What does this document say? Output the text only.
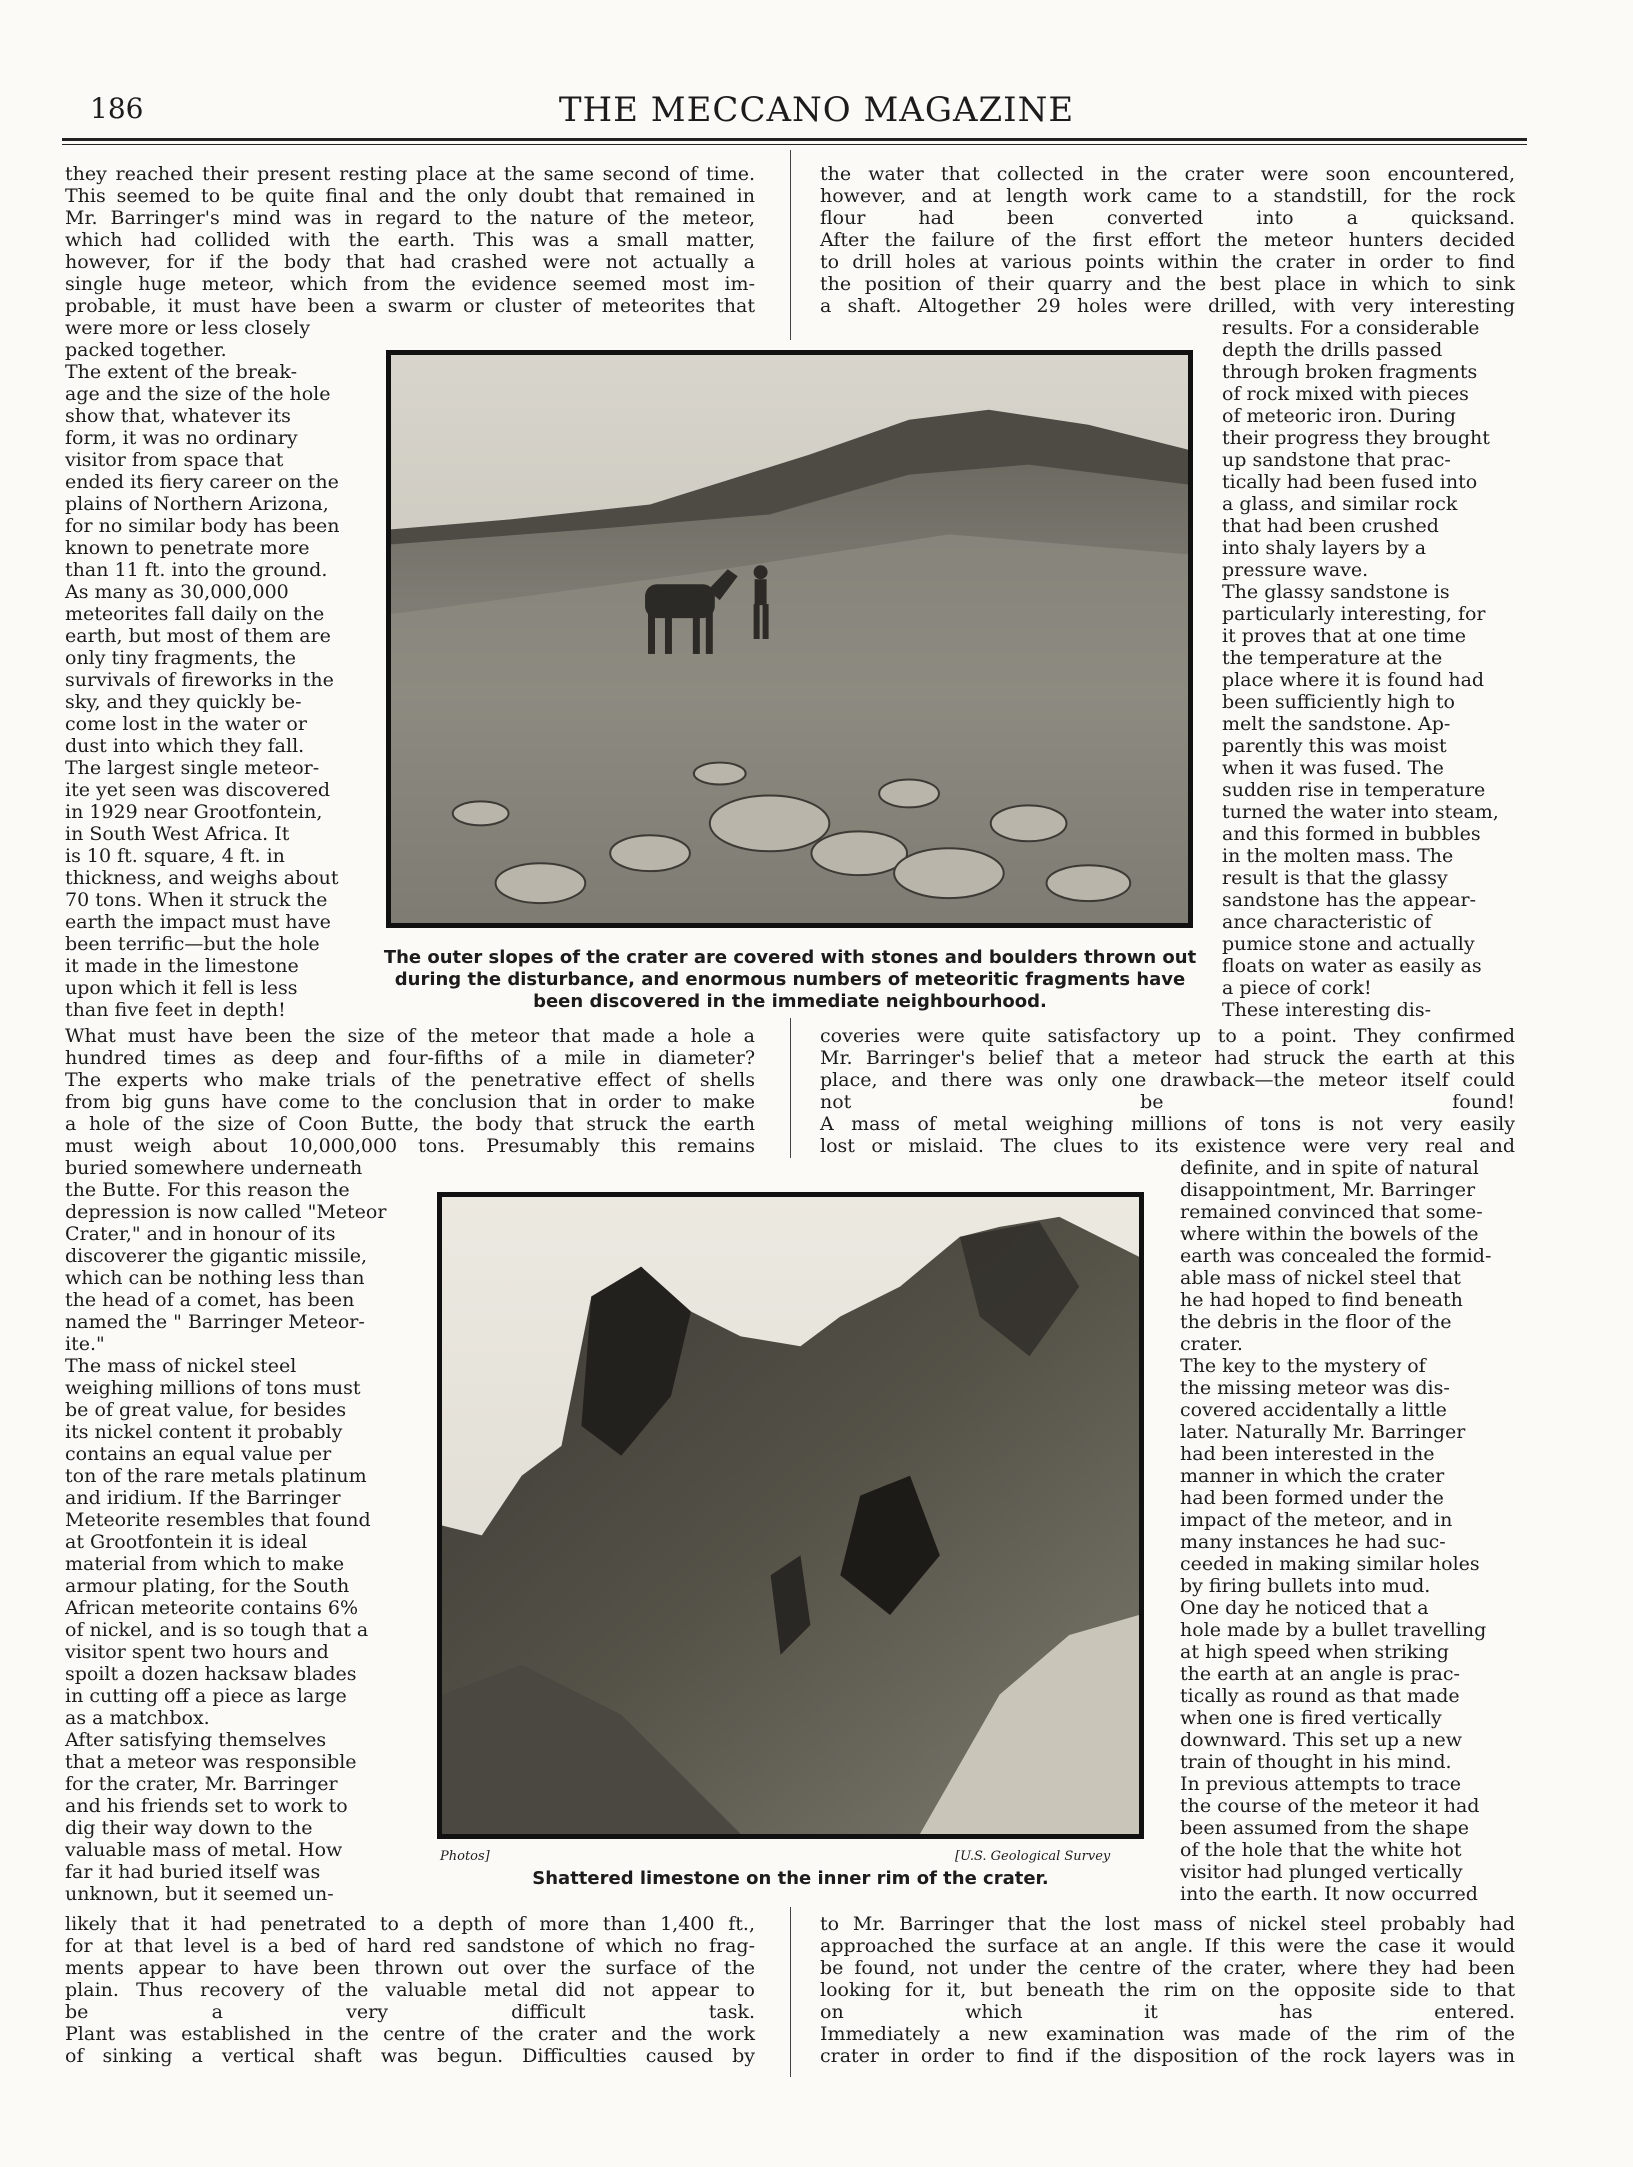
186	THE MECCANO MAGAZINE
they reached their present resting place at the same second of time.
This seemed to be quite final and the only doubt that remained in
Mr. Barringer's mind was in regard to the nature of the meteor,
which had collided with the earth. This was a small matter,
however, for if the body that had crashed were not actually a
single huge meteor, which from the evidence seemed most im-
probable, it must have been a swarm or cluster of meteorites that
were more or less closely
packed together.
The extent of the break-
age and the size of the hole
show that, whatever its
form, it was no ordinary
visitor from space that
ended its fiery career on the
plains of Northern Arizona,
for no similar body has been
known to penetrate more
than 11 ft. into the ground.
As many as 30,000,000
meteorites fall daily on the
earth, but most of them are
only tiny fragments, the
survivals of fireworks in the
sky, and they quickly be-
come lost in the water or
dust into which they fall.
The largest single meteor-
ite yet seen was discovered
in 1929 near Grootfontein,
in South West Africa. It
is 10 ft. square, 4 ft. in
thickness, and weighs about
70 tons. When it struck the
earth the impact must have
been terrific—but the hole
it made in the limestone
upon which it fell is less
than five feet in depth!
What must have been the size of the meteor that made a hole a
hundred times as deep and four-fifths of a mile in diameter?
The experts who make trials of the penetrative effect of shells
from big guns have come to the conclusion that in order to make
a hole of the size of Coon Butte, the body that struck the earth
must weigh about 10,000,000 tons. Presumably this remains
buried somewhere underneath
the Butte. For this reason the
depression is now called "Meteor
Crater," and in honour of its
discoverer the gigantic missile,
which can be nothing less than
the head of a comet, has been
named the " Barringer Meteor-
ite."
The mass of nickel steel
weighing millions of tons must
be of great value, for besides
its nickel content it probably
contains an equal value per
ton of the rare metals platinum
and iridium. If the Barringer
Meteorite resembles that found
at Grootfontein it is ideal
material from which to make
armour plating, for the South
African meteorite contains 6%
of nickel, and is so tough that a
visitor spent two hours and
spoilt a dozen hacksaw blades
in cutting off a piece as large
as a matchbox.
After satisfying themselves
that a meteor was responsible
for the crater, Mr. Barringer
and his friends set to work to
dig their way down to the
valuable mass of metal. How
far it had buried itself was
unknown, but it seemed un-
likely that it had penetrated to a depth of more than 1,400 ft.,
for at that level is a bed of hard red sandstone of which no frag-
ments appear to have been thrown out over the surface of the
plain. Thus recovery of the valuable metal did not appear to
be a very difficult task.
Plant was established in the centre of the crater and the work
of sinking a vertical shaft was begun. Difficulties caused by
the water that collected in the crater were soon encountered,
however, and at length work came to a standstill, for the rock
flour had been converted into a quicksand.
After the failure of the first effort the meteor hunters decided
to drill holes at various points within the crater in order to find
the position of their quarry and the best place in which to sink
a shaft. Altogether 29 holes were drilled, with very interesting
results. For a considerable
depth the drills passed
through broken fragments
of rock mixed with pieces
of meteoric iron. During
their progress they brought
up sandstone that prac-
tically had been fused into
a glass, and similar rock
that had been crushed
into shaly layers by a
pressure wave.
The glassy sandstone is
particularly interesting, for
it proves that at one time
the temperature at the
place where it is found had
been sufficiently high to
melt the sandstone. Ap-
parently this was moist
when it was fused. The
sudden rise in temperature
turned the water into steam,
and this formed in bubbles
in the molten mass. The
result is that the glassy
sandstone has the appear-
ance characteristic of
pumice stone and actually
floats on water as easily as
a piece of cork!
These interesting dis-
coveries were quite satisfactory up to a point. They confirmed
Mr. Barringer's belief that a meteor had struck the earth at this
place, and there was only one drawback—the meteor itself could
not be found!
A mass of metal weighing millions of tons is not very easily
lost or mislaid. The clues to its existence were very real and
definite, and in spite of natural
disappointment, Mr. Barringer
remained convinced that some-
where within the bowels of the
earth was concealed the formid-
able mass of nickel steel that
he had hoped to find beneath
the debris in the floor of the
crater.
The key to the mystery of
the missing meteor was dis-
covered accidentally a little
later. Naturally Mr. Barringer
had been interested in the
manner in which the crater
had been formed under the
impact of the meteor, and in
many instances he had suc-
ceeded in making similar holes
by firing bullets into mud.
One day he noticed that a
hole made by a bullet travelling
at high speed when striking
the earth at an angle is prac-
tically as round as that made
when one is fired vertically
downward. This set up a new
train of thought in his mind.
In previous attempts to trace
the course of the meteor it had
been assumed from the shape
of the hole that the white hot
visitor had plunged vertically
into the earth. It now occurred
to Mr. Barringer that the lost mass of nickel steel probably had
approached the surface at an angle. If this were the case it would
be found, not under the centre of the crater, where they had been
looking for it, but beneath the rim on the opposite side to that
on which it has entered.
Immediately a new examination was made of the rim of the
crater in order to find if the disposition of the rock layers was in
The outer slopes of the crater are covered with stones and boulders thrown out
during the disturbance, and enormous numbers of meteoritic fragments have
been discovered in the immediate neighbourhood.
Photos]	[U.S. Geological Survey
Shattered limestone on the inner rim of the crater.
